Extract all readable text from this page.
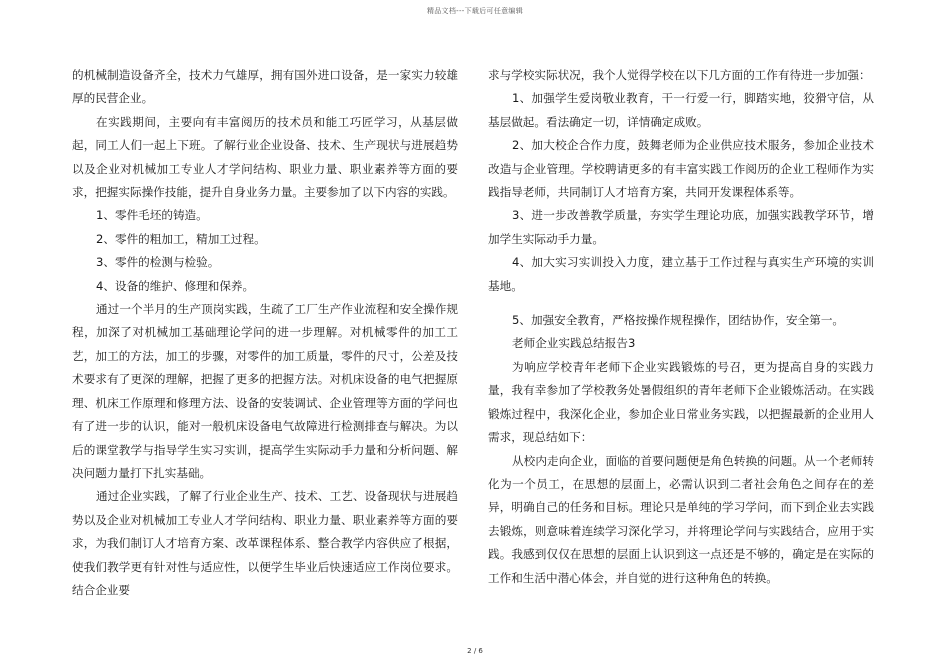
精品文档---下载后可任意编辑

的机械制造设备齐全，技术力气雄厚，拥有国外进口设备，是一家实力较雄厚的民营企业。

在实践期间，主要向有丰富阅历的技术员和能工巧匠学习，从基层做起，同工人们一起上下班。了解行业企业设备、技术、生产现状与进展趋势以及企业对机械加工专业人才学问结构、职业力量、职业素养等方面的要求，把握实际操作技能，提升自身业务力量。主要参加了以下内容的实践。

1、零件毛坯的铸造。

2、零件的粗加工，精加工过程。

3、零件的检测与检验。

4、设备的维护、修理和保养。

通过一个半月的生产顶岗实践，生疏了工厂生产作业流程和安全操作规程，加深了对机械加工基础理论学问的进一步理解。对机械零件的加工工艺，加工的方法，加工的步骤，对零件的加工质量，零件的尺寸，公差及技术要求有了更深的理解，把握了更多的把握方法。对机床设备的电气把握原理、机床工作原理和修理方法、设备的安装调试、企业管理等方面的学问也有了进一步的认识，能对一般机床设备电气故障进行检测排查与解决。为以后的课堂教学与指导学生实习实训，提高学生实际动手力量和分析问题、解决问题力量打下扎实基础。

通过企业实践，了解了行业企业生产、技术、工艺、设备现状与进展趋势以及企业对机械加工专业人才学问结构、职业力量、职业素养等方面的要求，为我们制订人才培育方案、改革课程体系、整合教学内容供应了根据，使我们教学更有针对性与适应性，以便学生毕业后快速适应工作岗位要求。结合企业要

求与学校实际状况，我个人觉得学校在以下几方面的工作有待进一步加强：

1、加强学生爱岗敬业教育，干一行爱一行，脚踏实地，狡猾守信，从基层做起。看法确定一切，详情确定成败。

2、加大校企合作力度，鼓舞老师为企业供应技术服务，参加企业技术改造与企业管理。学校聘请更多的有丰富实践工作阅历的企业工程师作为实践指导老师，共同制订人才培育方案，共同开发课程体系等。

3、进一步改善教学质量，夯实学生理论功底，加强实践教学环节，增加学生实际动手力量。

4、加大实习实训投入力度，建立基于工作过程与真实生产环境的实训基地。

5、加强安全教育，严格按操作规程操作，团结协作，安全第一。

老师企业实践总结报告3

为响应学校青年老师下企业实践锻炼的号召，更为提高自身的实践力量，我有幸参加了学校教务处暑假组织的青年老师下企业锻炼活动。在实践锻炼过程中，我深化企业，参加企业日常业务实践，以把握最新的企业用人需求，现总结如下：

从校内走向企业，面临的首要问题便是角色转换的问题。从一个老师转化为一个员工，在思想的层面上，必需认识到二者社会角色之间存在的差异，明确自己的任务和目标。理论只是单纯的学习学问，而下到企业去实践去锻炼，则意味着连续学习深化学习，并将理论学问与实践结合，应用于实践。我感到仅仅在思想的层面上认识到这一点还是不够的，确定是在实际的工作和生活中潜心体会，并自觉的进行这种角色的转换。

2 / 6
